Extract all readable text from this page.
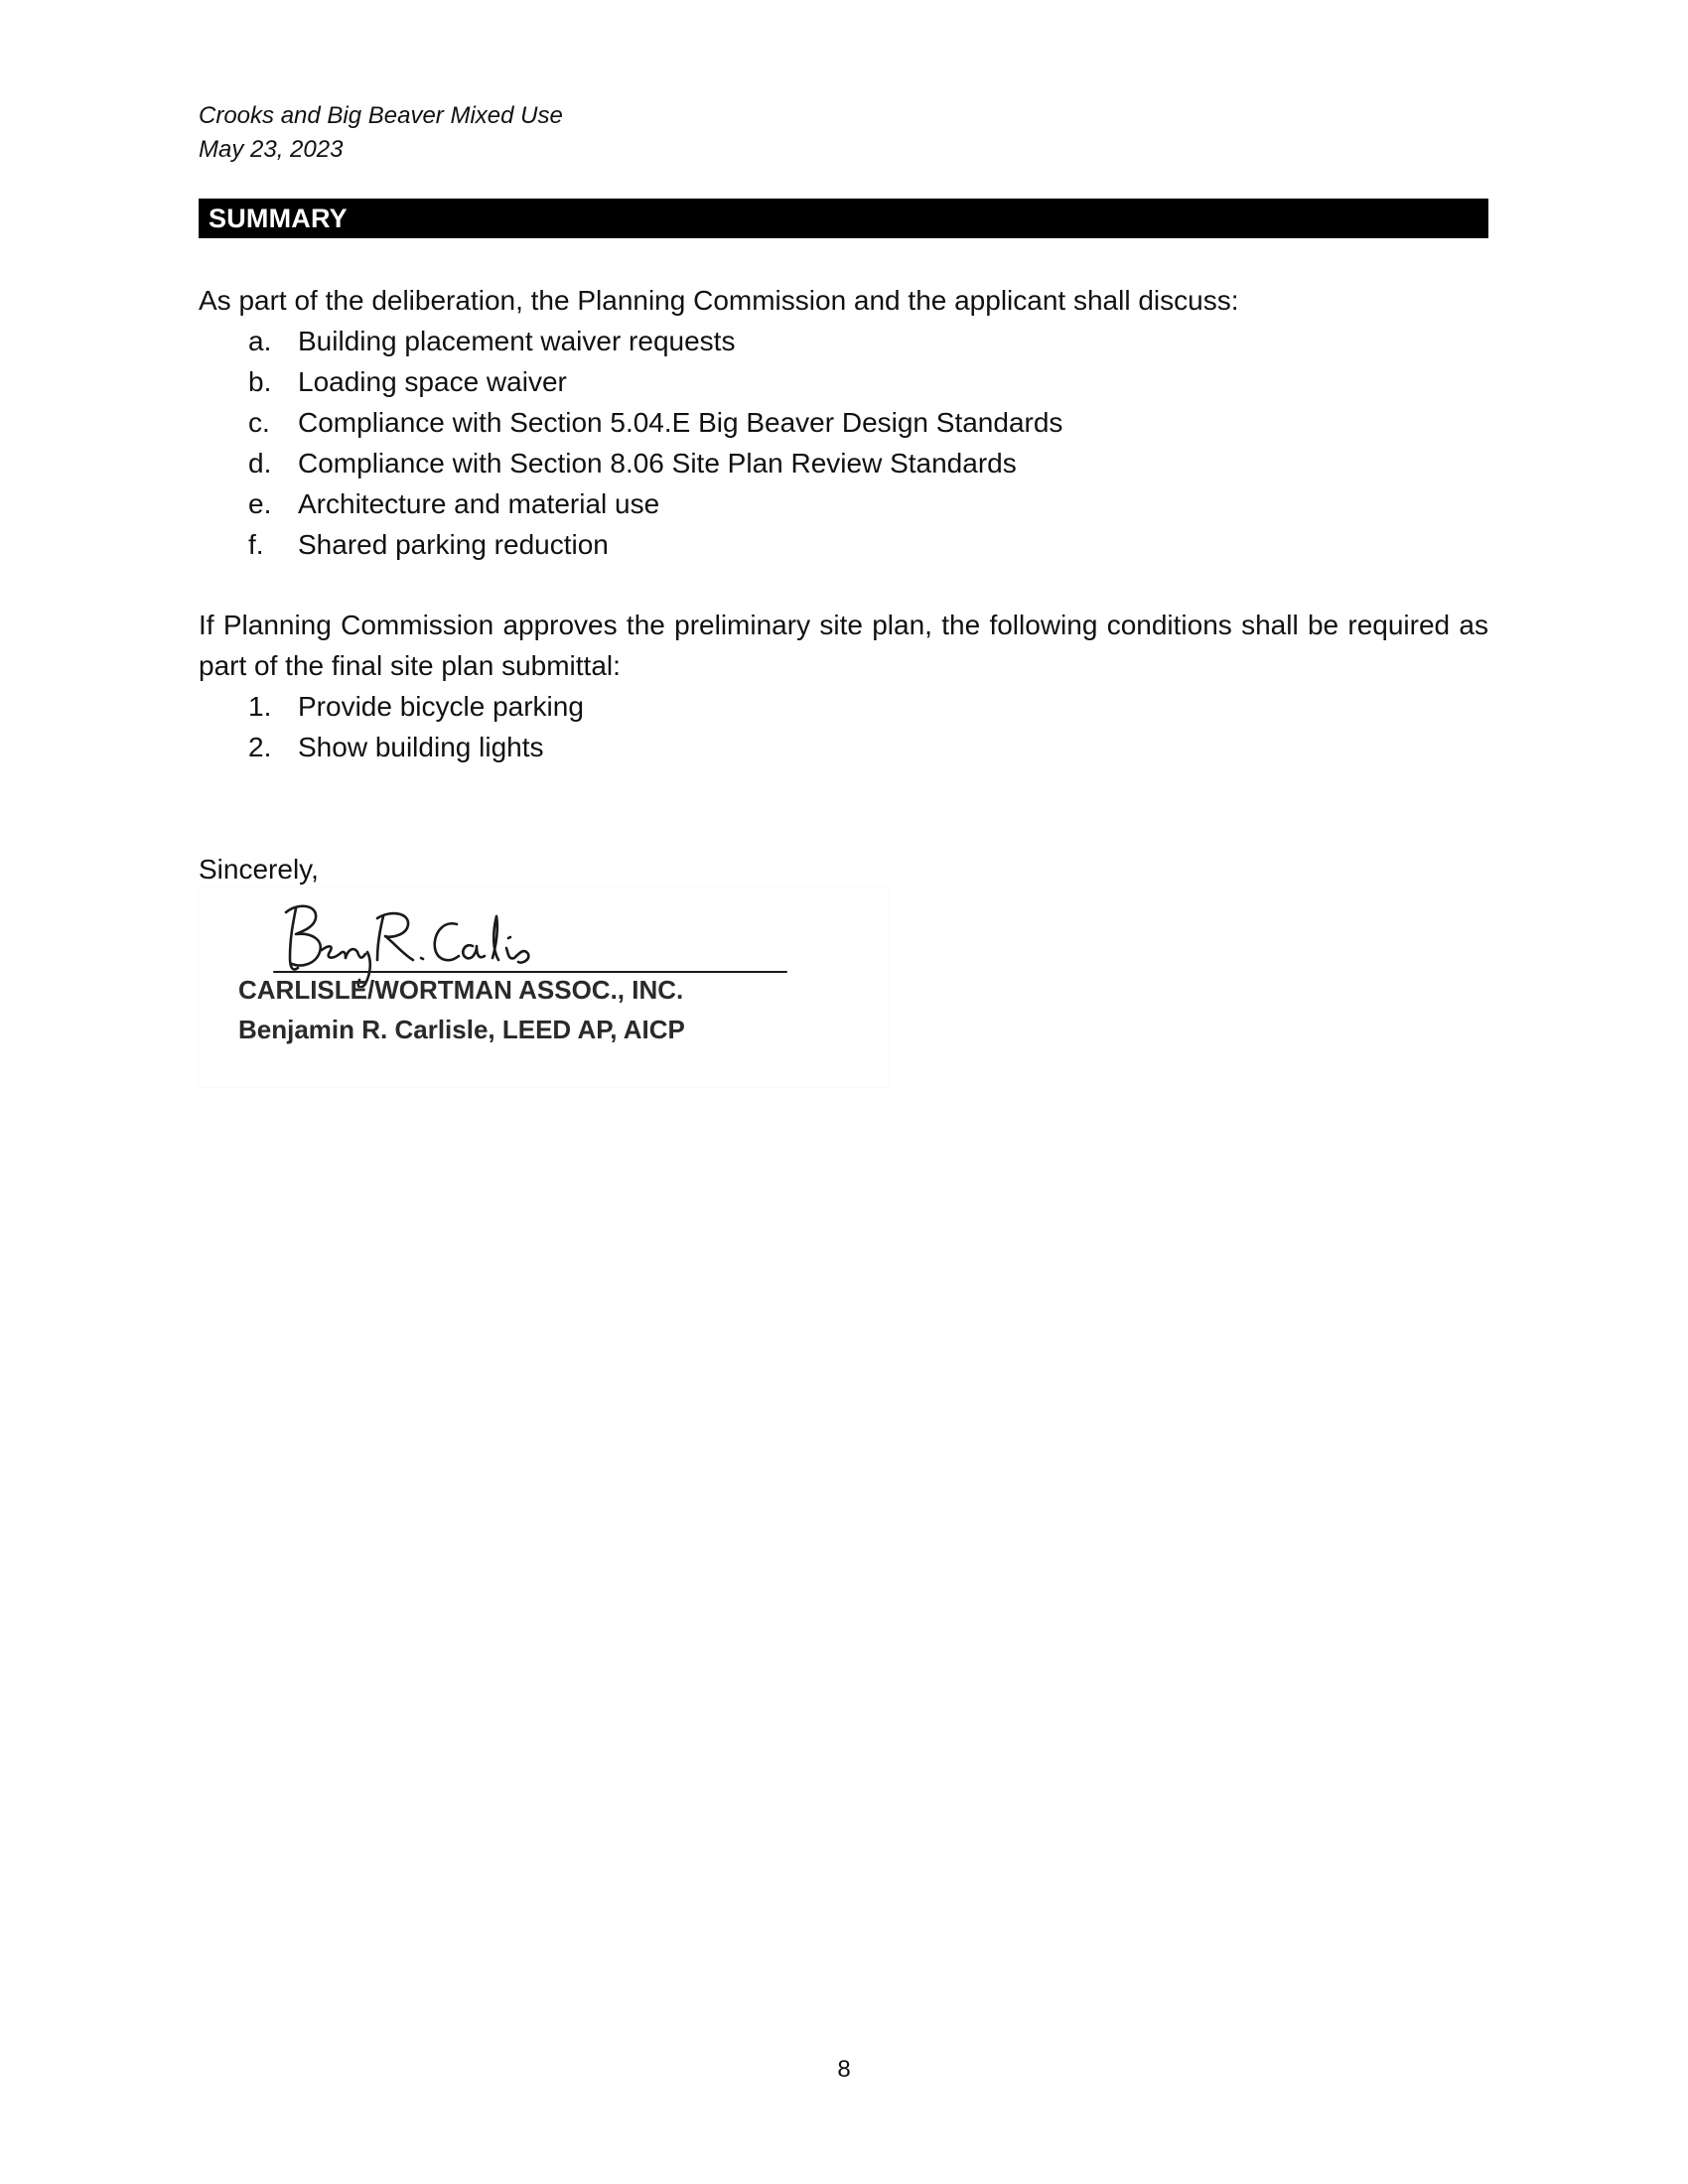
Crooks and Big Beaver Mixed Use
May 23, 2023
SUMMARY
As part of the deliberation, the Planning Commission and the applicant shall discuss:
a. Building placement waiver requests
b. Loading space waiver
c.	Compliance with Section 5.04.E Big Beaver Design Standards
d. Compliance with Section 8.06 Site Plan Review Standards
e. Architecture and material use
f.	Shared parking reduction
If Planning Commission approves the preliminary site plan, the following conditions shall be required as part of the final site plan submittal:
1. Provide bicycle parking
2. Show building lights
Sincerely,
CARLISLE/WORTMAN ASSOC., INC.
Benjamin R. Carlisle, LEED AP, AICP
8
